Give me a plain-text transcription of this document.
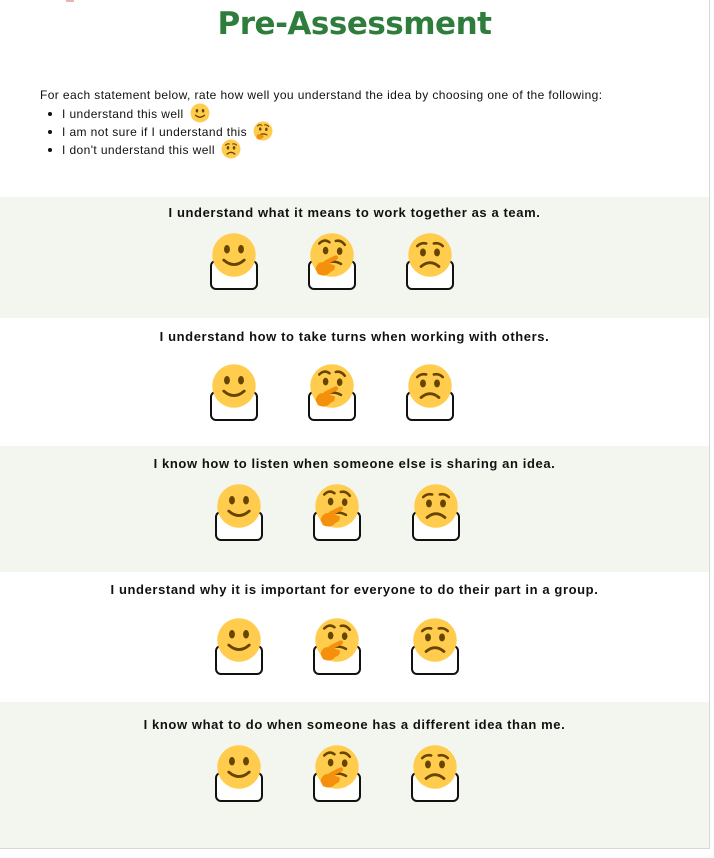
Pre-Assessment
For each statement below, rate how well you understand the idea by choosing one of the following:
I understand this well
I am not sure if I understand this
I don't understand this well
I understand what it means to work together as a team.
I understand how to take turns when working with others.
I know how to listen when someone else is sharing an idea.
I understand why it is important for everyone to do their part in a group.
I know what to do when someone has a different idea than me.
